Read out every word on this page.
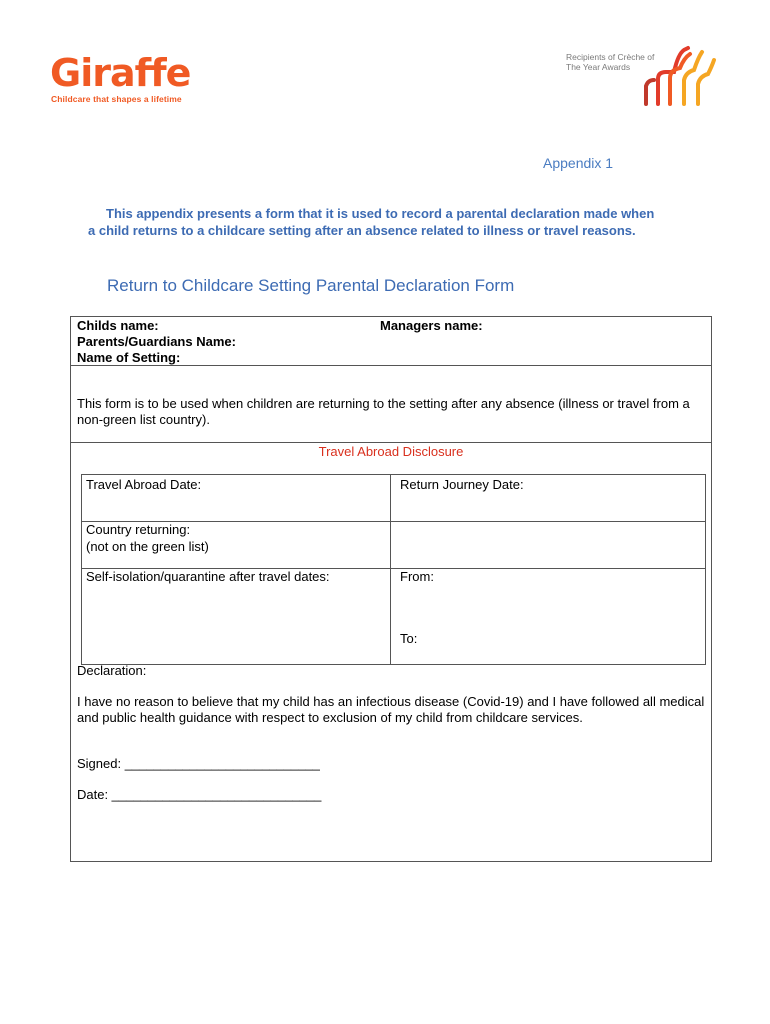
Giraffe
Childcare that shapes a lifetime
Recipients of Crèche of The Year Awards
Appendix 1
This appendix presents a form that it is used to record a parental declaration made when a child returns to a childcare setting after an absence related to illness or travel reasons.
Return to Childcare Setting Parental Declaration Form
Childs name:	Managers name:
Parents/Guardians Name:
Name of Setting:
This form is to be used when children are returning to the setting after any absence (illness or travel from a non-green list country).
Travel Abroad Disclosure
Travel Abroad Date:	Return Journey Date:
Country returning:
(not on the green list)
Self-isolation/quarantine after travel dates:	From:
To:
Declaration:
I have no reason to believe that my child has an infectious disease (Covid-19) and I have followed all medical and public health guidance with respect to exclusion of my child from childcare services.
Signed: ___________________________
Date: _____________________________
